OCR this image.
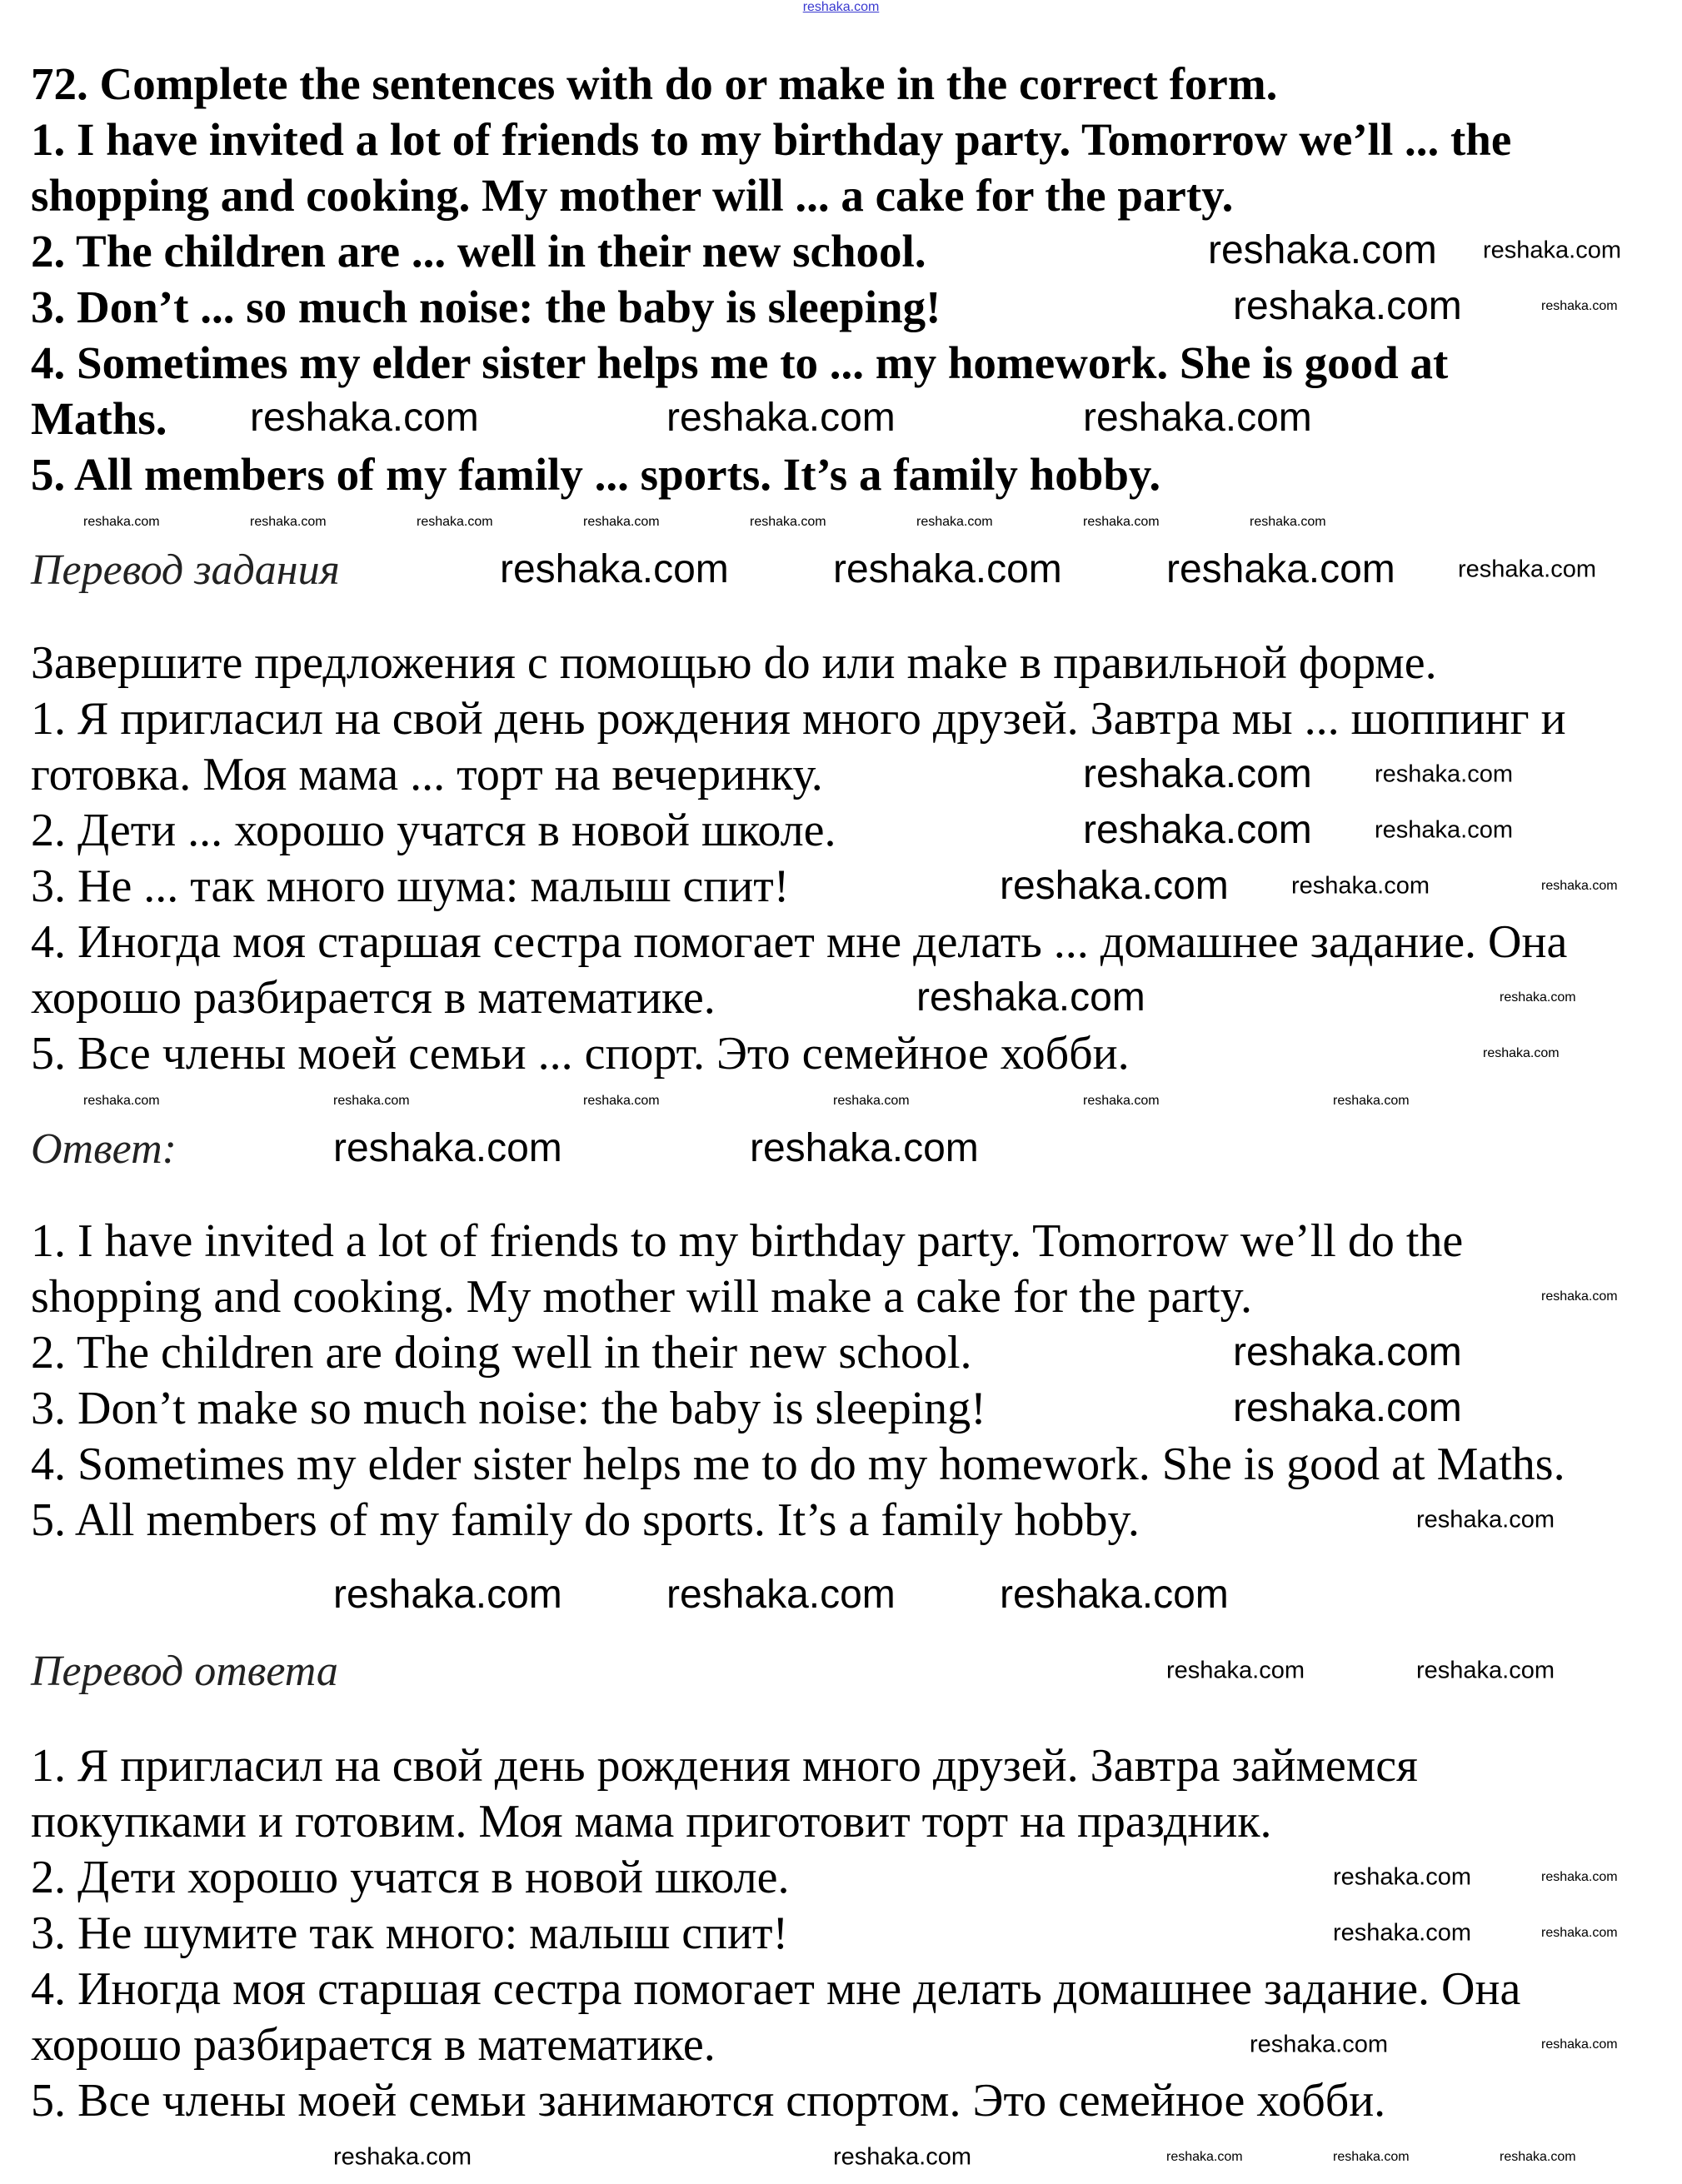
reshaka.com
72. Complete the sentences with do or make in the correct form.
1. I have invited a lot of friends to my birthday party. Tomorrow we’ll ... the
shopping and cooking. My mother will ... a cake for the party.
2. The children are ... well in their new school.
3. Don’t ... so much noise: the baby is sleeping!
4. Sometimes my elder sister helps me to ... my homework. She is good at
Maths.
5. All members of my family ... sports. It’s a family hobby.
Перевод задания
Завершите предложения с помощью do или make в правильной форме.
1. Я пригласил на свой день рождения много друзей. Завтра мы ... шоппинг и
готовка. Моя мама ... торт на вечеринку.
2. Дети ... хорошо учатся в новой школе.
3. Не ... так много шума: малыш спит!
4. Иногда моя старшая сестра помогает мне делать ... домашнее задание. Она
хорошо разбирается в математике.
5. Все члены моей семьи ... спорт. Это семейное хобби.
Ответ:
1. I have invited a lot of friends to my birthday party. Tomorrow we’ll do the
shopping and cooking. My mother will make a cake for the party.
2. The children are doing well in their new school.
3. Don’t make so much noise: the baby is sleeping!
4. Sometimes my elder sister helps me to do my homework. She is good at Maths.
5. All members of my family do sports. It’s a family hobby.
Перевод ответа
1. Я пригласил на свой день рождения много друзей. Завтра займемся
покупками и готовим. Моя мама приготовит торт на праздник.
2. Дети хорошо учатся в новой школе.
3. Не шумите так много: малыш спит!
4. Иногда моя старшая сестра помогает мне делать домашнее задание. Она
хорошо разбирается в математике.
5. Все члены моей семьи занимаются спортом. Это семейное хобби.
reshaka.com
reshaka.com
reshaka.com	reshaka.com	reshaka.com
reshaka.com	reshaka.com	reshaka.com
reshaka.com
reshaka.com
reshaka.com
reshaka.com
reshaka.com	reshaka.com
reshaka.com
reshaka.com
reshaka.com	reshaka.com	reshaka.com
reshaka.com
reshaka.com
reshaka.com
reshaka.com
reshaka.com
reshaka.com
reshaka.com	reshaka.com
reshaka.com
reshaka.com
reshaka.com
reshaka.com	reshaka.com
reshaka.com	reshaka.com	reshaka.com	reshaka.com	reshaka.com	reshaka.com	reshaka.com	reshaka.com
reshaka.com
reshaka.com
reshaka.com
reshaka.com
reshaka.com	reshaka.com	reshaka.com	reshaka.com	reshaka.com	reshaka.com
reshaka.com
reshaka.com	reshaka.com	reshaka.com
reshaka.com
reshaka.com
reshaka.com
